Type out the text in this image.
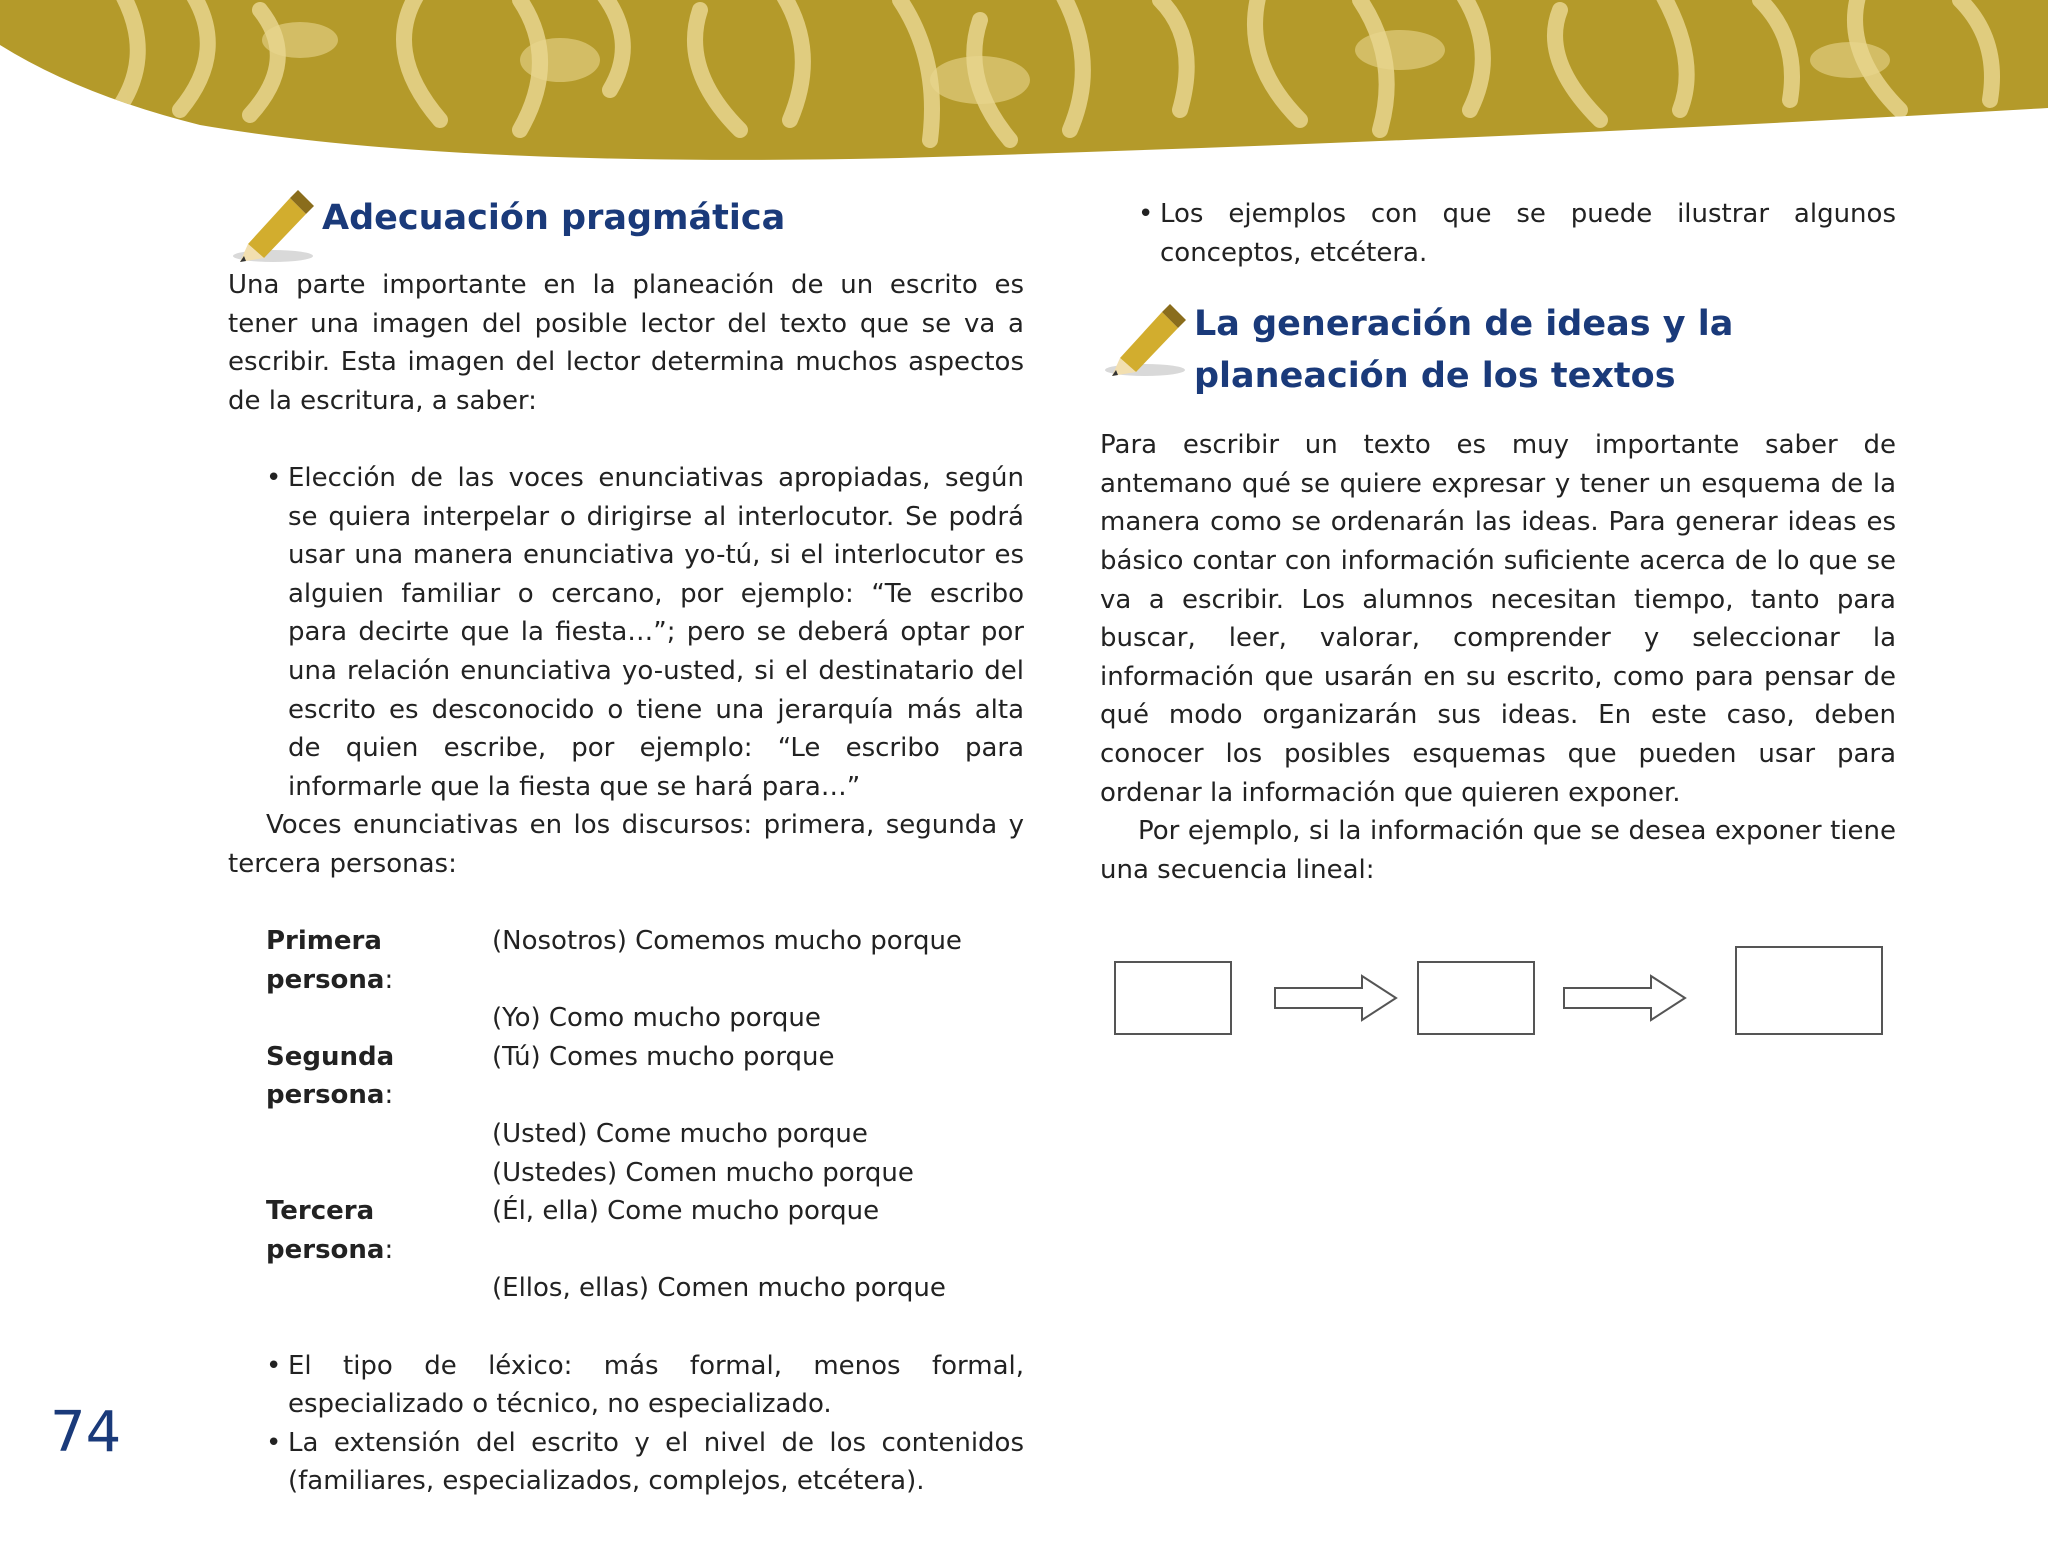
Adecuación pragmática

Una parte importante en la planeación de un escrito es tener una imagen del posible lector del texto que se va a escribir. Esta imagen del lector determina muchos aspectos de la escritura, a saber:

• Elección de las voces enunciativas apropiadas, según se quiera interpelar o dirigirse al interlocutor. Se podrá usar una manera enunciativa yo-tú, si el interlocutor es alguien familiar o cercano, por ejemplo: “Te escribo para decirte que la fiesta…”; pero se deberá optar por una relación enunciativa yo-usted, si el destinatario del escrito es desconocido o tiene una jerarquía más alta de quien escribe, por ejemplo: “Le escribo para informarle que la fiesta que se hará para…”

Voces enunciativas en los discursos: primera, segunda y tercera personas:

Primera persona:
(Nosotros) Comemos mucho porque
(Yo) Como mucho porque
Segunda persona:
(Tú) Comes mucho porque
(Usted) Come mucho porque
(Ustedes) Comen mucho porque
Tercera persona:
(Él, ella) Come mucho porque
(Ellos, ellas) Comen mucho porque
• El tipo de léxico: más formal, menos formal, especializado o técnico, no especializado.
• La extensión del escrito y el nivel de los contenidos (familiares, especializados, complejos, etcétera).
• Los ejemplos con que se puede ilustrar algunos conceptos, etcétera.
La generación de ideas y la
planeación de los textos

Para escribir un texto es muy importante saber de antemano qué se quiere expresar y tener un esquema de la manera como se ordenarán las ideas. Para generar ideas es básico contar con información suficiente acerca de lo que se va a escribir. Los alumnos necesitan tiempo, tanto para buscar, leer, valorar, comprender y seleccionar la información que usarán en su escrito, como para pensar de qué modo organizarán sus ideas. En este caso, deben conocer los posibles esquemas que pueden usar para ordenar la información que quieren exponer.

Por ejemplo, si la información que se desea exponer tiene una secuencia lineal:

74
